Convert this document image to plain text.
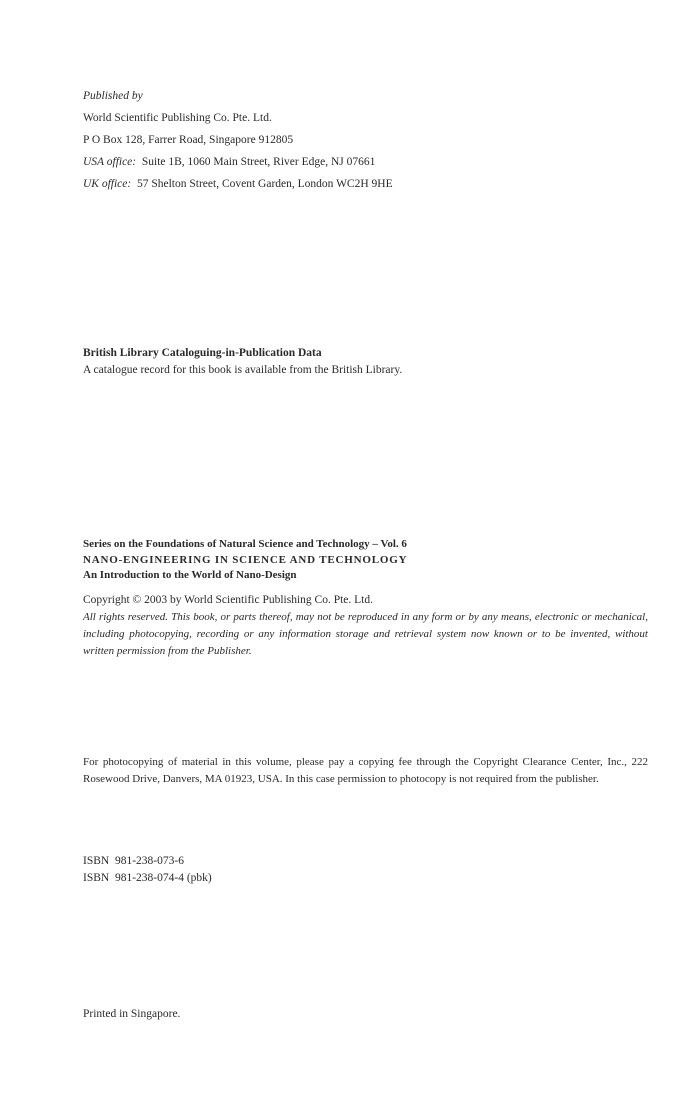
Published by
World Scientific Publishing Co. Pte. Ltd.
P O Box 128, Farrer Road, Singapore 912805
USA office: Suite 1B, 1060 Main Street, River Edge, NJ 07661
UK office: 57 Shelton Street, Covent Garden, London WC2H 9HE
British Library Cataloguing-in-Publication Data
A catalogue record for this book is available from the British Library.
Series on the Foundations of Natural Science and Technology – Vol. 6
NANO-ENGINEERING IN SCIENCE AND TECHNOLOGY
An Introduction to the World of Nano-Design
Copyright © 2003 by World Scientific Publishing Co. Pte. Ltd.
All rights reserved. This book, or parts thereof, may not be reproduced in any form or by any means, electronic or mechanical, including photocopying, recording or any information storage and retrieval system now known or to be invented, without written permission from the Publisher.

For photocopying of material in this volume, please pay a copying fee through the Copyright Clearance Center, Inc., 222 Rosewood Drive, Danvers, MA 01923, USA. In this case permission to photocopy is not required from the publisher.

ISBN  981-238-073-6
ISBN  981-238-074-4 (pbk)
Printed in Singapore.
